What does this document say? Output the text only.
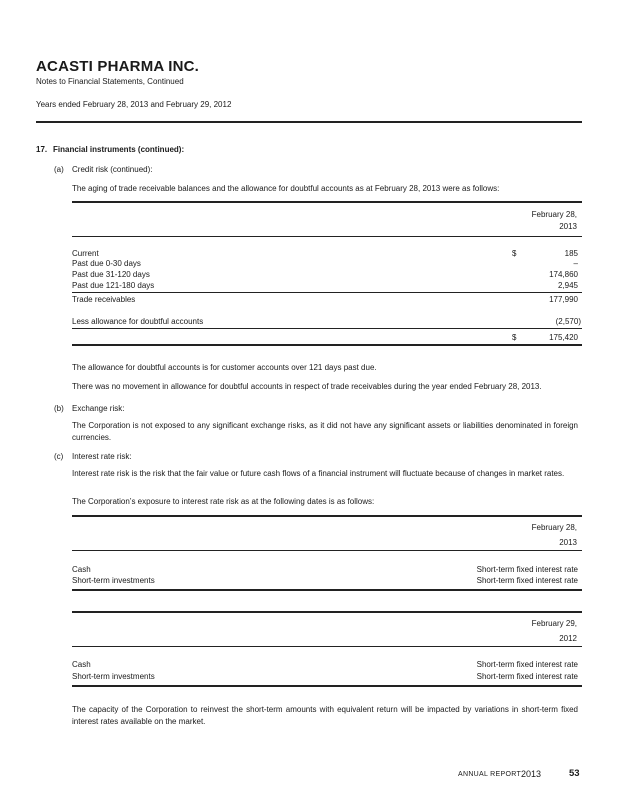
ACASTI PHARMA INC.
Notes to Financial Statements, Continued
Years ended February 28, 2013 and February 29, 2012
17. Financial instruments (continued):
(a) Credit risk (continued):
The aging of trade receivable balances and the allowance for doubtful accounts as at February 28, 2013 were as follows:
February 28,
2013
Current	$	185
Past due 0-30 days	–
Past due 31-120 days	174,860
Past due 121-180 days	2,945
Trade receivables	177,990
Less allowance for doubtful accounts	(2,570)
$	175,420
The allowance for doubtful accounts is for customer accounts over 121 days past due.
There was no movement in allowance for doubtful accounts in respect of trade receivables during the year ended February 28, 2013.
(b) Exchange risk:
The Corporation is not exposed to any significant exchange risks, as it did not have any significant assets or liabilities denominated in foreign currencies.
(c) Interest rate risk:
Interest rate risk is the risk that the fair value or future cash flows of a financial instrument will fluctuate because of changes in market rates.
The Corporation’s exposure to interest rate risk as at the following dates is as follows:
February 28,
2013
Cash	Short-term fixed interest rate
Short-term investments	Short-term fixed interest rate
February 29,
2012
Cash	Short-term fixed interest rate
Short-term investments	Short-term fixed interest rate
The capacity of the Corporation to reinvest the short-term amounts with equivalent return will be impacted by variations in short-term fixed interest rates available on the market.
ANNUAL REPORT 2013	53
